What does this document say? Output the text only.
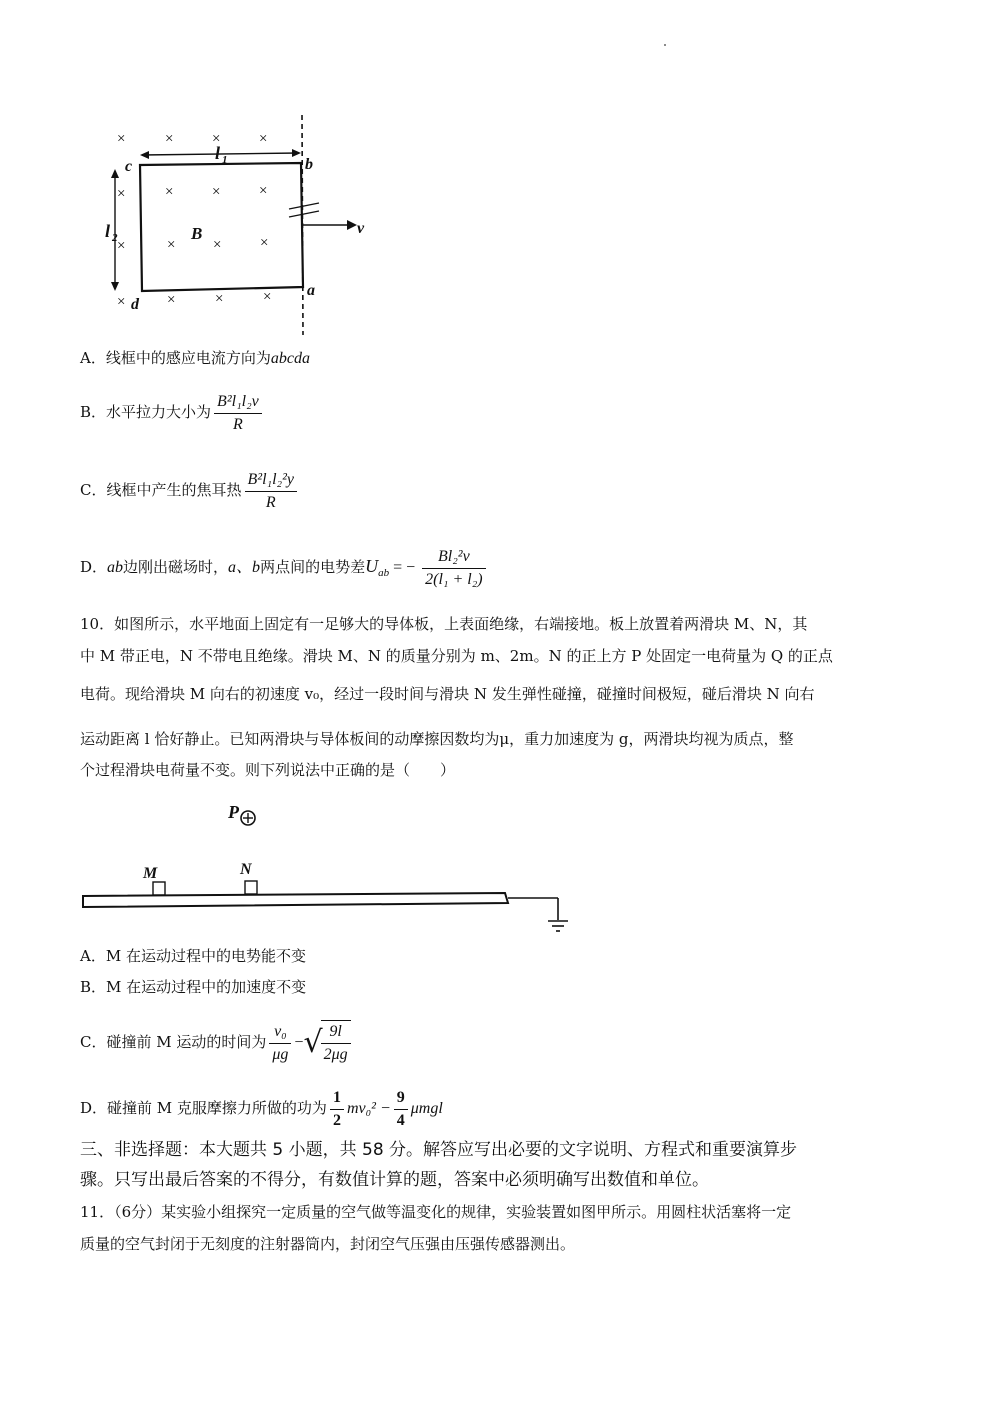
×	×	×	×
×	×	×	×
×	×	×	×
×	×	×	×
c	b
a
d
B	v
l 1
l 2
A．线框中的感应电流方向为abcda
B．水平拉力大小为 $\frac{\text{B²l₁l₂v}}{R}$
C．线框中产生的焦耳热 $\frac{\text{B²l₁l₂²y}}{R}$
D．ab边刚出磁场时，a、b两点间的电势差$U_{ab}$ = − $\frac{\text{Bl₂²v}}{\text{2(l₁ + l₂)}}$
10．如图所示，水平地面上固定有一足够大的导体板，上表面绝缘，右端接地。板上放置着两滑块 M、N，其
中 M 带正电，N 不带电且绝缘。滑块 M、N 的质量分别为 m、2m。N 的正上方 P 处固定一电荷量为 Q 的正点
电荷。现给滑块 M 向右的初速度 v₀，经过一段时间与滑块 N 发生弹性碰撞，碰撞时间极短，碰后滑块 N 向右
运动距离 l 恰好静止。已知两滑块与导体板间的动摩擦因数均为μ，重力加速度为 g，两滑块均视为质点，整
个过程滑块电荷量不变。则下列说法中正确的是（　　）
P
M	N
A．M 在运动过程中的电势能不变
B．M 在运动过程中的加速度不变
C．碰撞前 M 运动的时间为 $\frac{\text{v₀}}{\mu g}$ −√
$\frac{9l}{2\mu g}$
D．碰撞前 M 克服摩擦力所做的功为 $\frac{1}{2} mv_0^2 - \frac{9}{4}$ μmgl
三、非选择题：本大题共 5 小题，共 58 分。解答应写出必要的文字说明、方程式和重要演算步
骤。只写出最后答案的不得分，有数值计算的题，答案中必须明确写出数值和单位。
11．（6分）某实验小组探究一定质量的空气做等温变化的规律，实验装置如图甲所示。用圆柱状活塞将一定
质量的空气封闭于无刻度的注射器筒内，封闭空气压强由压强传感器测出。
